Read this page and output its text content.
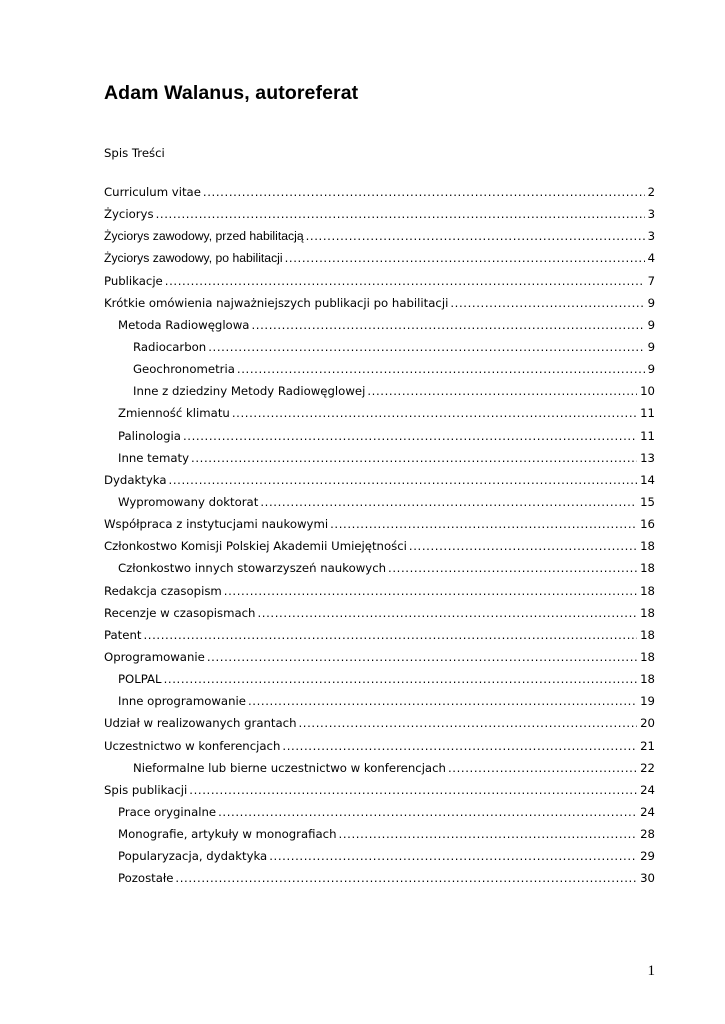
Adam Walanus, autoreferat
Spis Treści
Curriculum vitae .....	2
Życiorys .....	3
Życiorys zawodowy, przed habilitacją .....	3
Życiorys zawodowy, po habilitacji .....	4
Publikacje .....	7
Krótkie omówienia najważniejszych publikacji po habilitacji .....	9
Metoda Radiowęglowa .....	9
Radiocarbon .....	9
Geochronometria .....	9
Inne z dziedziny Metody Radiowęglowej .....	10
Zmienność klimatu .....	11
Palinologia .....	11
Inne tematy .....	13
Dydaktyka .....	14
Wypromowany doktorat .....	15
Współpraca z instytucjami naukowymi .....	16
Członkostwo Komisji Polskiej Akademii Umiejętności .....	18
Członkostwo innych stowarzyszeń naukowych .....	18
Redakcja czasopism .....	18
Recenzje w czasopismach .....	18
Patent .....	18
Oprogramowanie .....	18
POLPAL .....	18
Inne oprogramowanie .....	19
Udział w realizowanych grantach .....	20
Uczestnictwo w konferencjach .....	21
Nieformalne lub bierne uczestnictwo w konferencjach .....	22
Spis publikacji .....	24
Prace oryginalne .....	24
Monografie, artykuły w monografiach .....	28
Popularyzacja, dydaktyka .....	29
Pozostałe .....	30
1
